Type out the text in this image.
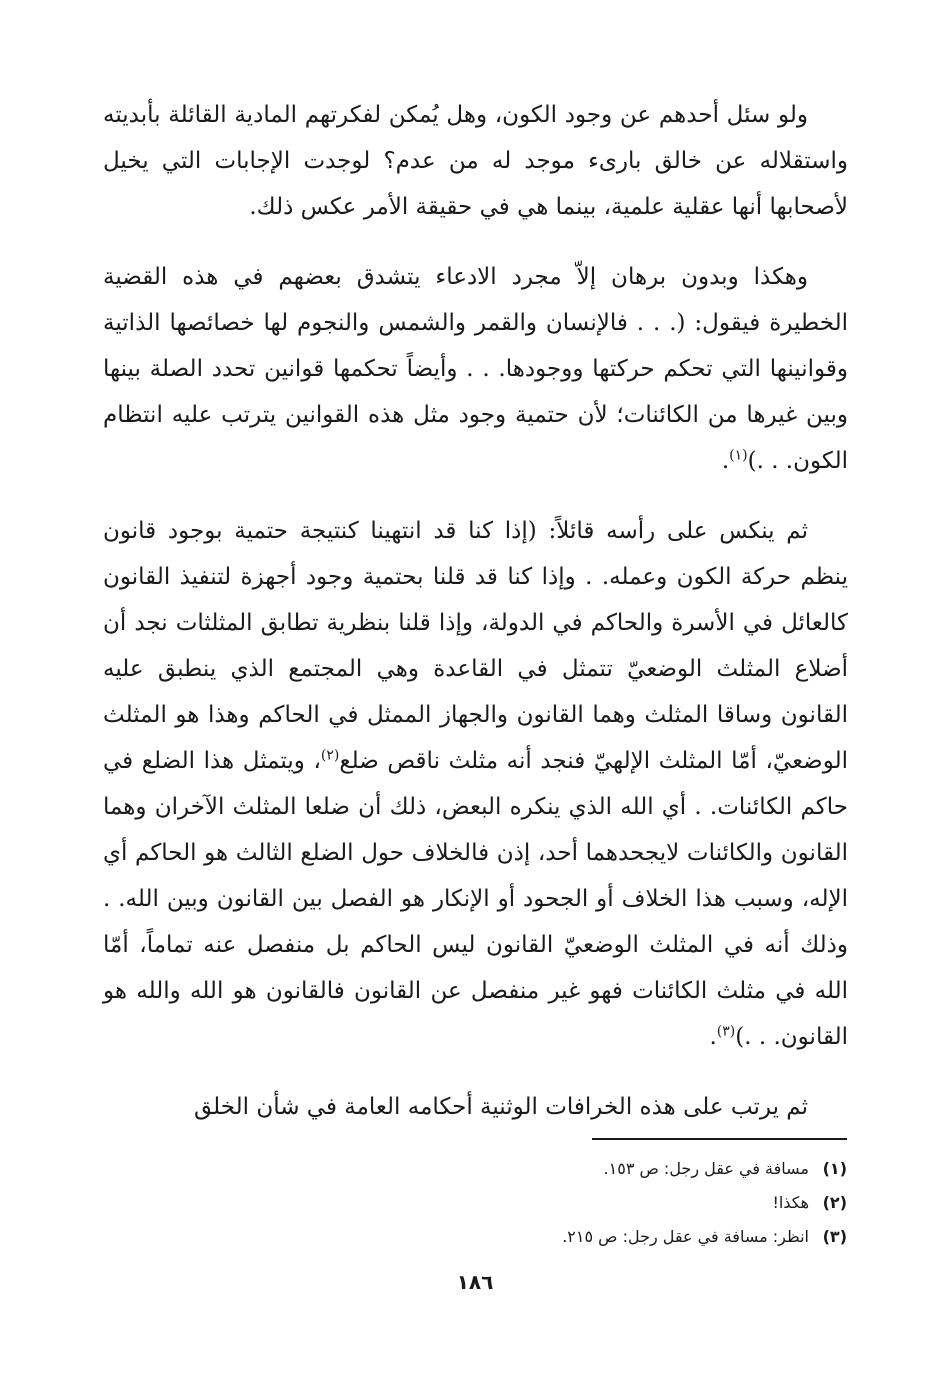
ولو سئل أحدهم عن وجود الكون، وهل يُمكن لفكرتهم المادية القائلة بأبديته واستقلاله عن خالق بارىء موجد له من عدم؟ لوجدت الإجابات التي يخيل لأصحابها أنها عقلية علمية، بينما هي في حقيقة الأمر عكس ذلك.

وهكذا وبدون برهان إلاّ مجرد الادعاء يتشدق بعضهم في هذه القضية الخطيرة فيقول: (. . . فالإنسان والقمر والشمس والنجوم لها خصائصها الذاتية وقوانينها التي تحكم حركتها ووجودها. . . وأيضاً تحكمها قوانين تحدد الصلة بينها وبين غيرها من الكائنات؛ لأن حتمية وجود مثل هذه القوانين يترتب عليه انتظام الكون. . .)$^{(١)}$.

ثم ينكس على رأسه قائلاً: (إذا كنا قد انتهينا كنتيجة حتمية بوجود قانون ينظم حركة الكون وعمله. . وإذا كنا قد قلنا بحتمية وجود أجهزة لتنفيذ القانون كالعائل في الأسرة والحاكم في الدولة، وإذا قلنا بنظرية تطابق المثلثات نجد أن أضلاع المثلث الوضعيّ تتمثل في القاعدة وهي المجتمع الذي ينطبق عليه القانون وساقا المثلث وهما القانون والجهاز الممثل في الحاكم وهذا هو المثلث الوضعيّ، أمّا المثلث الإلهيّ فنجد أنه مثلث ناقص ضلع$^{(٢)}$، ويتمثل هذا الضلع في حاكم الكائنات. . أي الله الذي ينكره البعض، ذلك أن ضلعا المثلث الآخران وهما القانون والكائنات لايجحدهما أحد، إذن فالخلاف حول الضلع الثالث هو الحاكم أي الإله، وسبب هذا الخلاف أو الجحود أو الإنكار هو الفصل بين القانون وبين الله. . وذلك أنه في المثلث الوضعيّ القانون ليس الحاكم بل منفصل عنه تماماً، أمّا الله في مثلث الكائنات فهو غير منفصل عن القانون فالقانون هو الله والله هو القانون. . .)$^{(٣)}$.

ثم يرتب على هذه الخرافات الوثنية أحكامه العامة في شأن الخلق

(١)
مسافة في عقل رجل: ص ١٥٣.
(٢)
هكذا!
(٣)
انظر: مسافة في عقل رجل: ص ٢١٥.
١٨٦
